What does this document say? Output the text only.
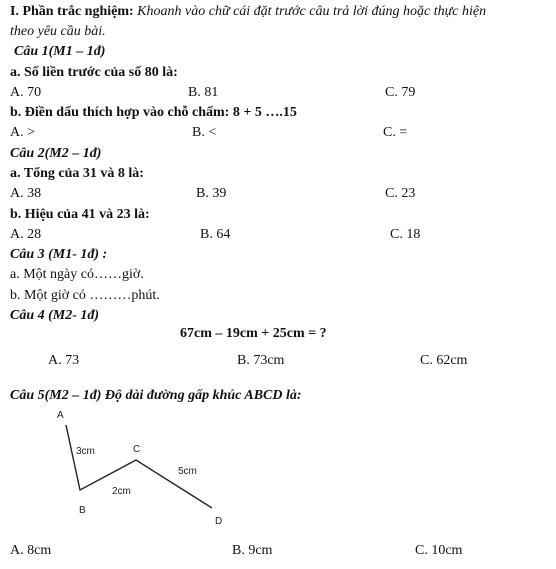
I. Phần trắc nghiệm: Khoanh vào chữ cái đặt trước câu trả lời đúng hoặc thực hiện
theo yêu cầu bài.
Câu 1(M1 – 1đ)
a. Số liền trước của số 80 là:
A. 70	B. 81	C. 79
b. Điền dấu thích hợp vào chỗ chấm: 8 + 5 ….15
A. >	B. <	C. =
Câu 2(M2 – 1đ)
a. Tổng của 31 và 8 là:
A. 38	B. 39	C. 23
b. Hiệu của 41 và 23 là:
A. 28	B. 64	C. 18
Câu 3 (M1- 1đ) :
a. Một ngày có……giờ.
b. Một giờ có ………phút.
Câu 4 (M2- 1đ)
67cm – 19cm + 25cm = ?
A. 73	B. 73cm	C. 62cm
Câu 5(M2 – 1đ) Độ dài đường gấp khúc ABCD là:
A
B
C
D
3cm
2cm
5cm
A. 8cm	B. 9cm	C. 10cm
